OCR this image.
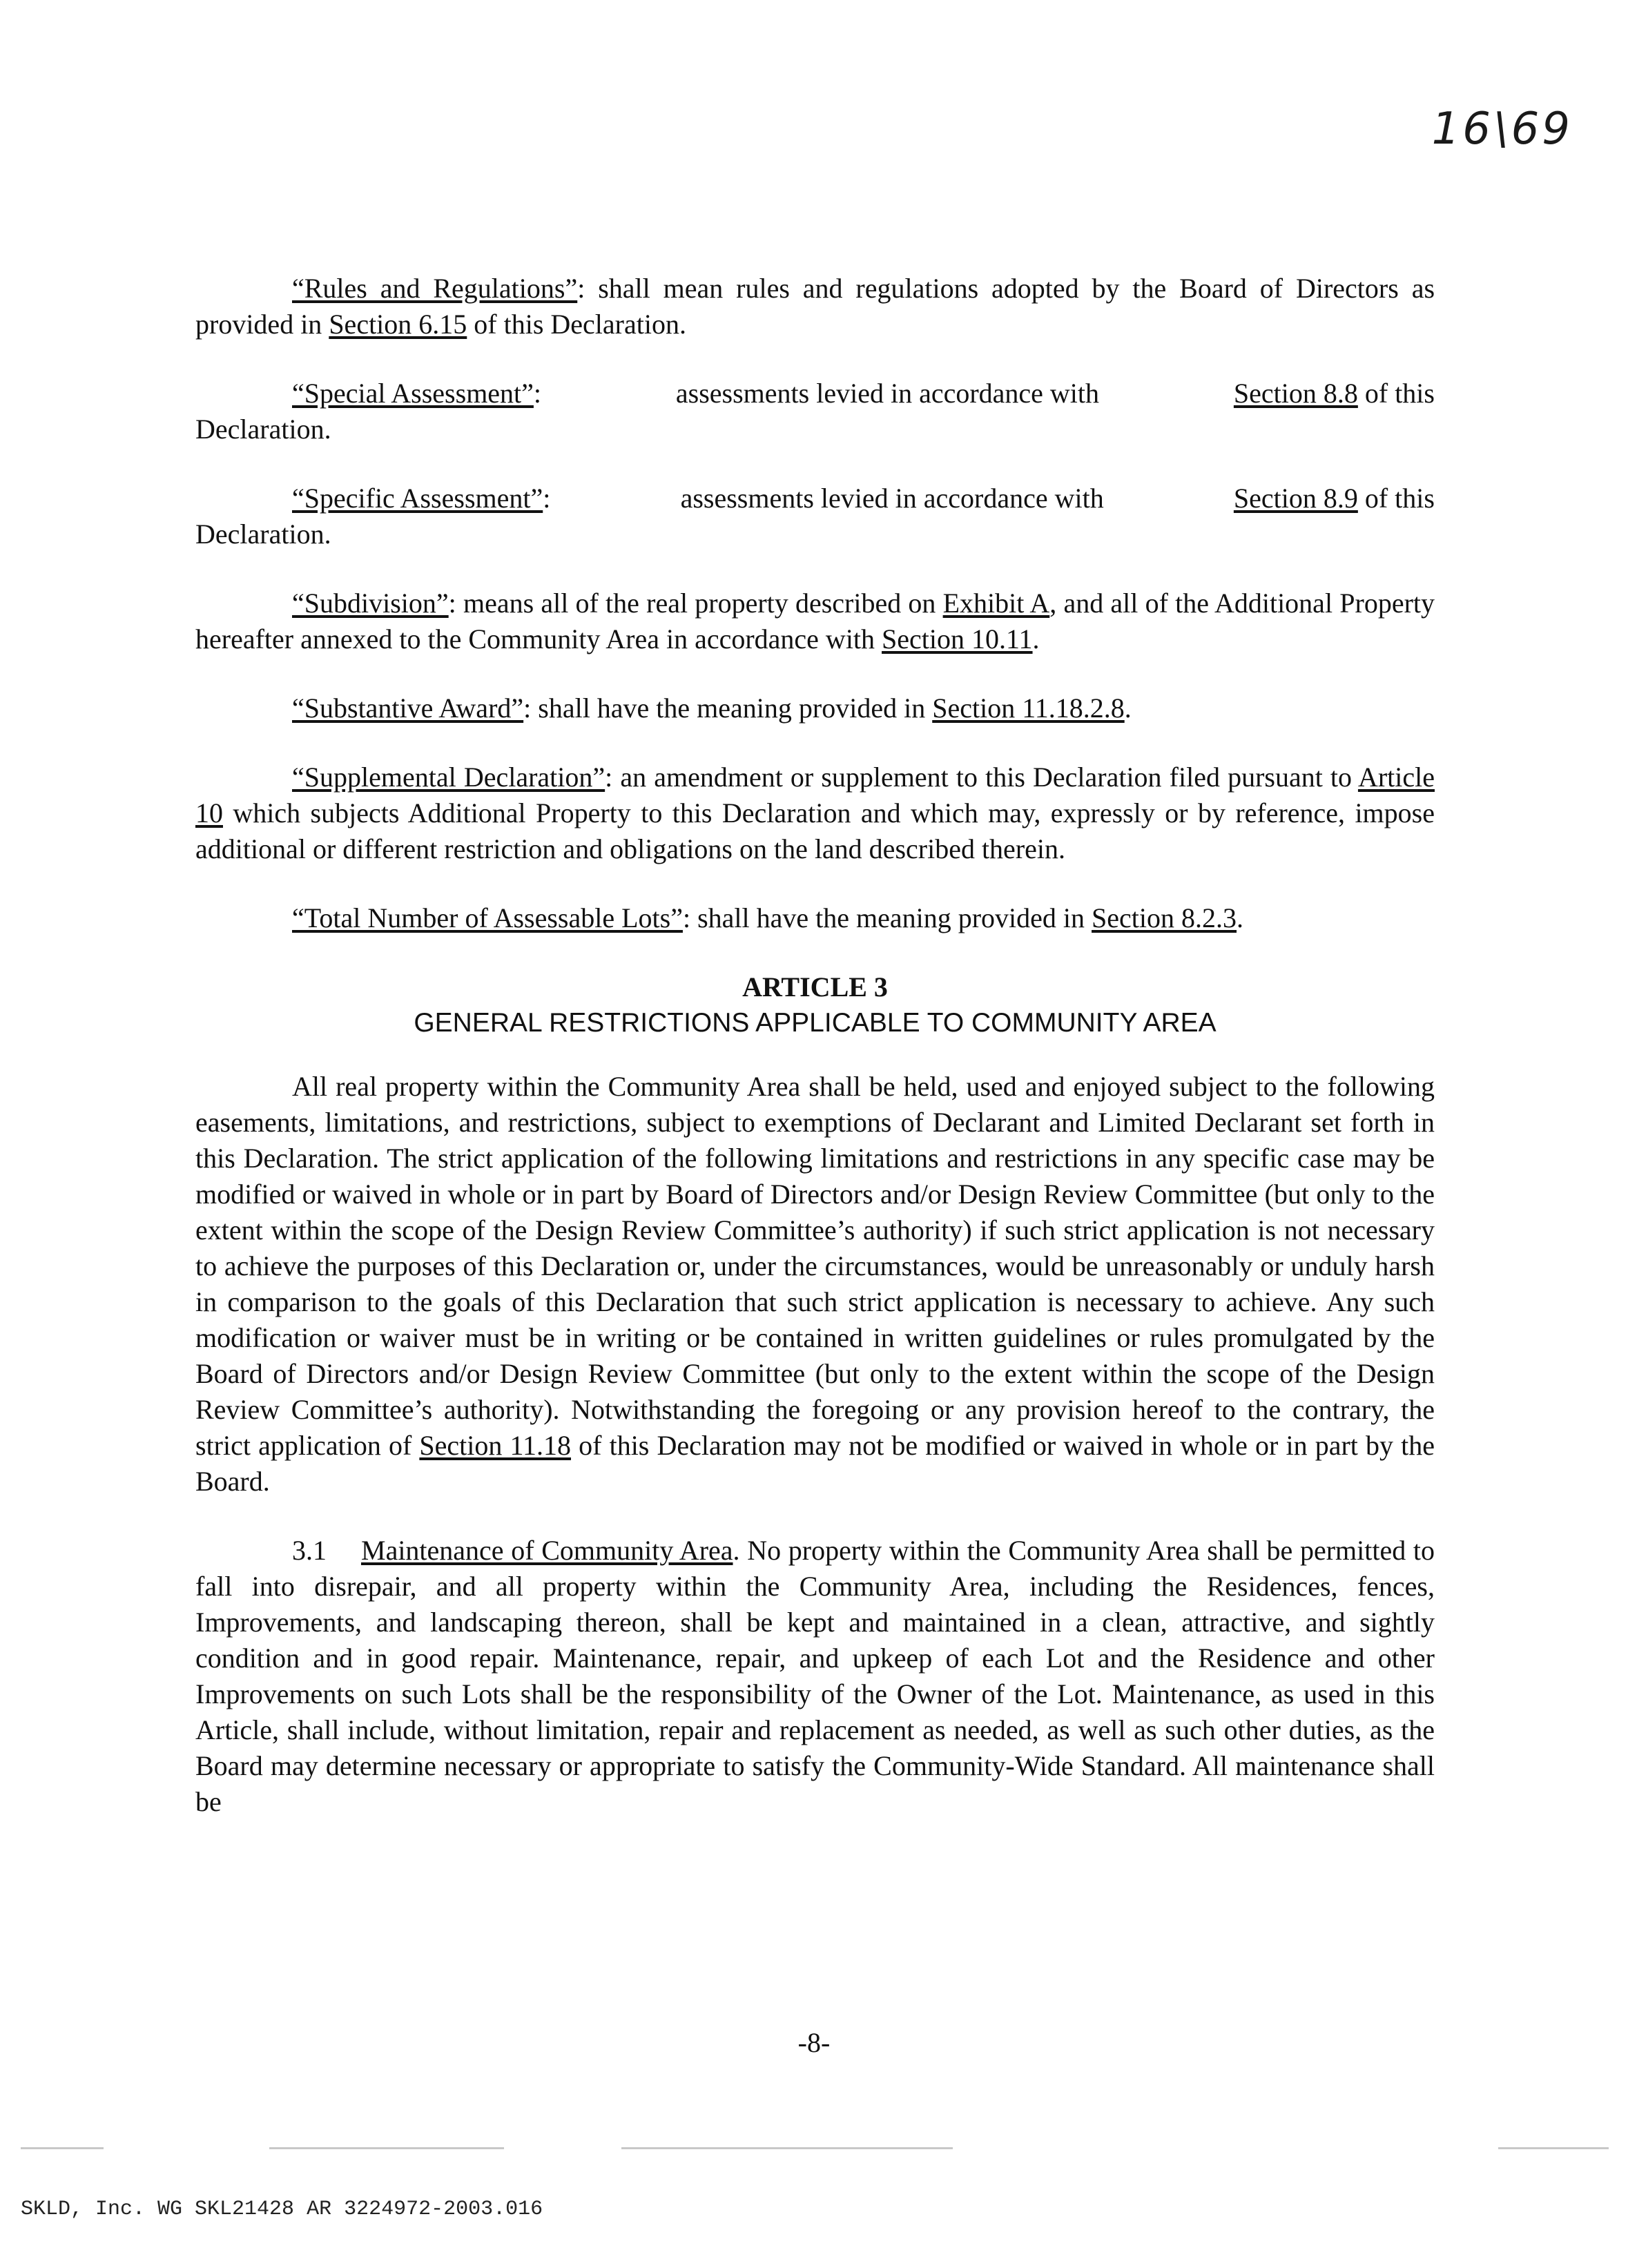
16\69

“Rules and Regulations”: shall mean rules and regulations adopted by the Board of Directors as provided in Section 6.15 of this Declaration.

“Special Assessment”:	assessments levied in accordance with	Section 8.8 of this
Declaration.
“Specific Assessment”:	assessments levied in accordance with	Section 8.9 of this
Declaration.

“Subdivision”: means all of the real property described on Exhibit A, and all of the Additional Property hereafter annexed to the Community Area in accordance with Section 10.11.

“Substantive Award”: shall have the meaning provided in Section 11.18.2.8.

“Supplemental Declaration”: an amendment or supplement to this Declaration filed pursuant to Article 10 which subjects Additional Property to this Declaration and which may, expressly or by reference, impose additional or different restriction and obligations on the land described therein.

“Total Number of Assessable Lots”: shall have the meaning provided in Section 8.2.3.

ARTICLE 3
GENERAL RESTRICTIONS APPLICABLE TO COMMUNITY AREA

All real property within the Community Area shall be held, used and enjoyed subject to the following easements, limitations, and restrictions, subject to exemptions of Declarant and Limited Declarant set forth in this Declaration. The strict application of the following limitations and restrictions in any specific case may be modified or waived in whole or in part by Board of Directors and/or Design Review Committee (but only to the extent within the scope of the Design Review Committee’s authority) if such strict application is not necessary to achieve the purposes of this Declaration or, under the circumstances, would be unreasonably or unduly harsh in comparison to the goals of this Declaration that such strict application is necessary to achieve. Any such modification or waiver must be in writing or be contained in written guidelines or rules promulgated by the Board of Directors and/or Design Review Committee (but only to the extent within the scope of the Design Review Committee’s authority). Notwithstanding the foregoing or any provision hereof to the contrary, the strict application of Section 11.18 of this Declaration may not be modified or waived in whole or in part by the Board.

3.1 Maintenance of Community Area. No property within the Community Area shall be permitted to fall into disrepair, and all property within the Community Area, including the Residences, fences, Improvements, and landscaping thereon, shall be kept and maintained in a clean, attractive, and sightly condition and in good repair. Maintenance, repair, and upkeep of each Lot and the Residence and other Improvements on such Lots shall be the responsibility of the Owner of the Lot. Maintenance, as used in this Article, shall include, without limitation, repair and replacement as needed, as well as such other duties, as the Board may determine necessary or appropriate to satisfy the Community-Wide Standard. All maintenance shall be

-8-
SKLD, Inc. WG SKL21428 AR 3224972-2003.016
